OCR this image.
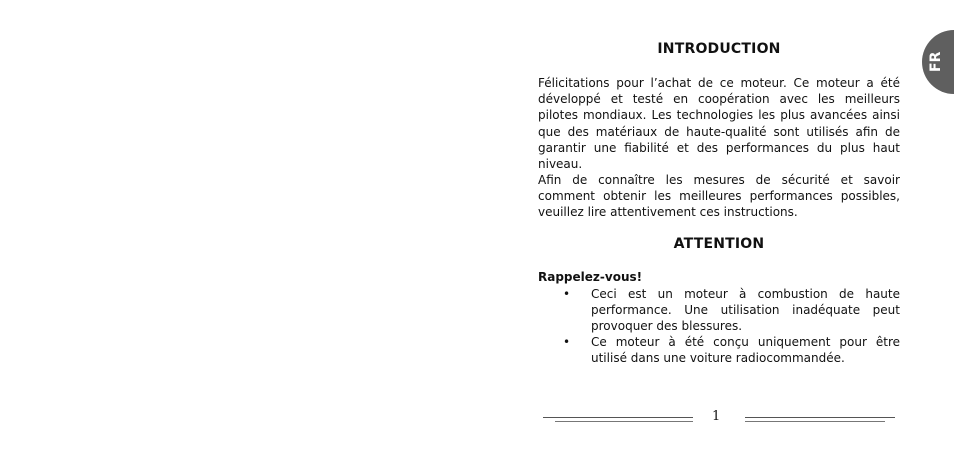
FR
INTRODUCTION

Félicitations pour l’achat de ce moteur. Ce moteur a été développé et testé en coopération avec les meilleurs pilotes mondiaux. Les technologies les plus avancées ainsi que des matériaux de haute-qualité sont utilisés afin de garantir une fiabilité et des performances du plus haut niveau.

Afin de connaître les mesures de sécurité et savoir comment obtenir les meilleures performances possibles, veuillez lire attentivement ces instructions.

ATTENTION
Rappelez-vous!
• Ceci est un moteur à combustion de haute performance. Une utilisation inadéquate peut provoquer des blessures.
• Ce moteur à été conçu uniquement pour être utilisé dans une voiture radiocommandée.
1
